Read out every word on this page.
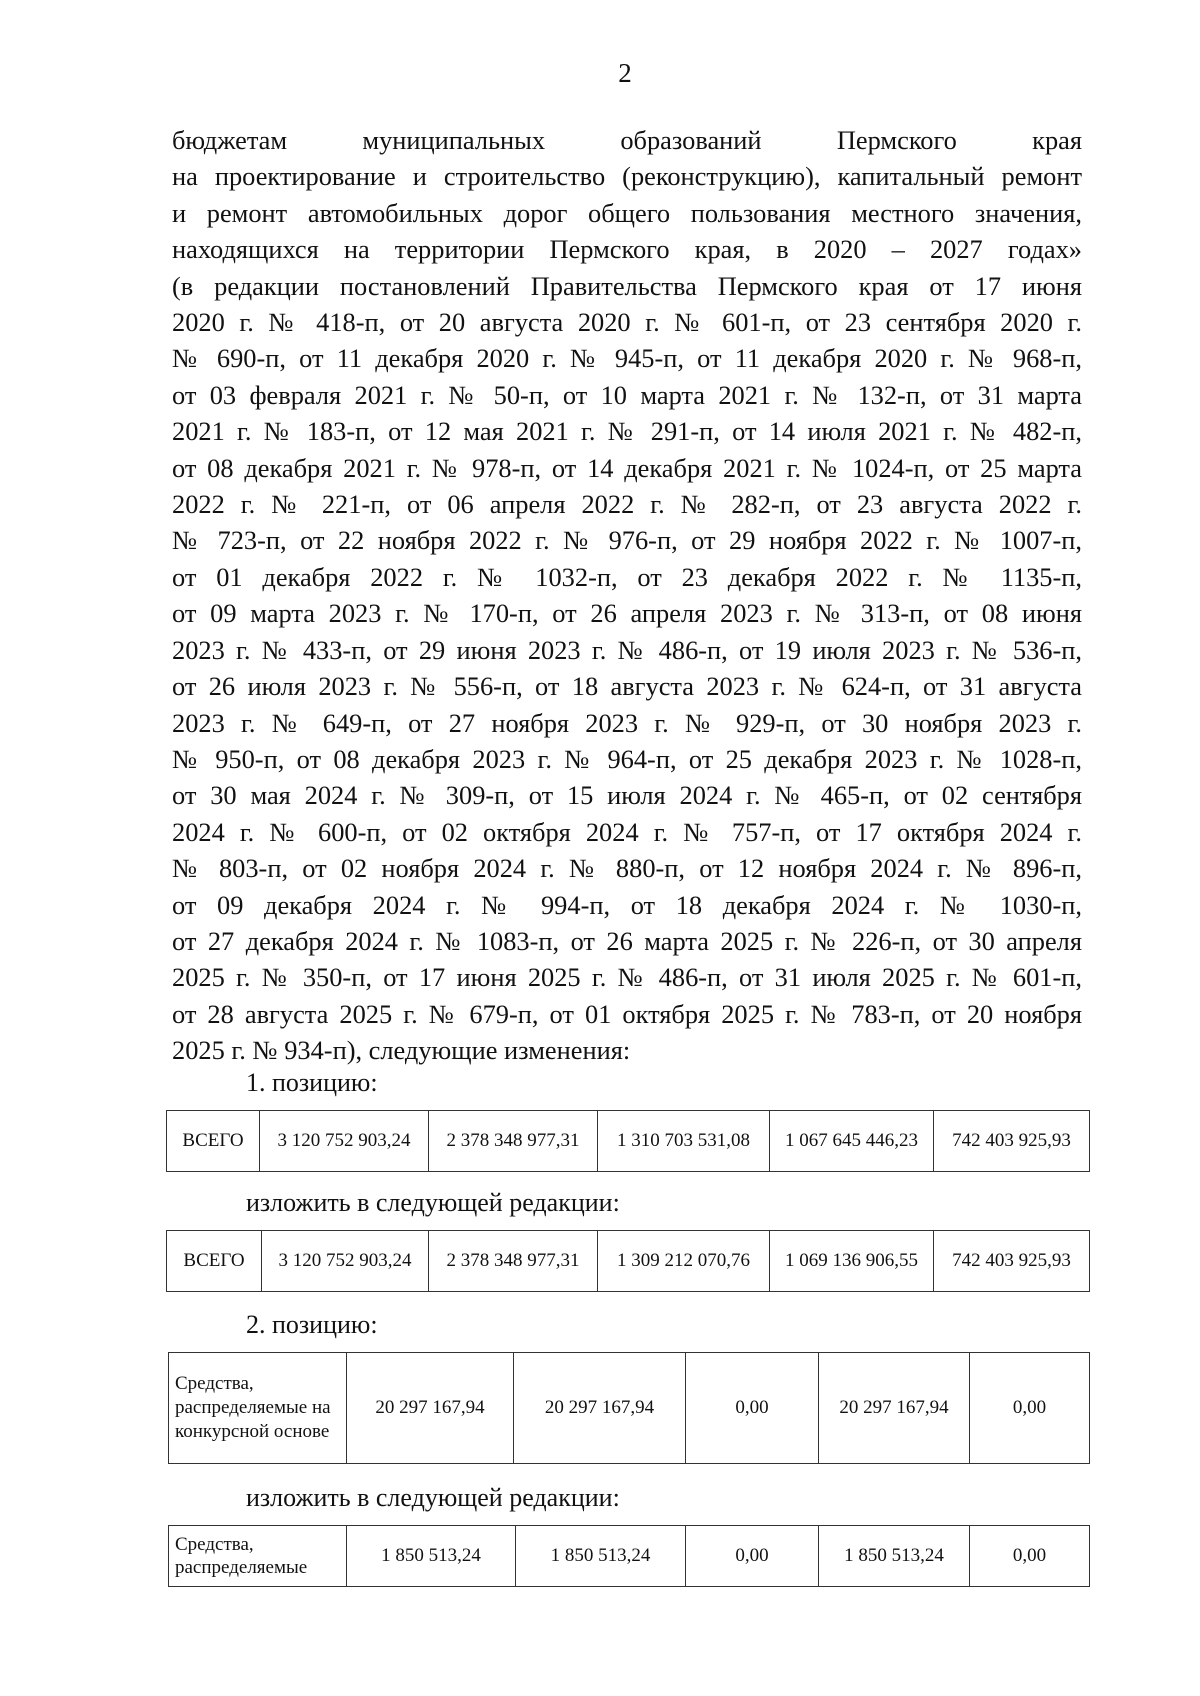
2
бюджетам муниципальных образований Пермского края
на проектирование и строительство (реконструкцию), капитальный ремонт
и ремонт автомобильных дорог общего пользования местного значения,
находящихся на территории Пермского края, в 2020 – 2027 годах»
(в редакции постановлений Правительства Пермского края от 17 июня
2020 г. № 418-п, от 20 августа 2020 г. № 601-п, от 23 сентября 2020 г.
№ 690-п, от 11 декабря 2020 г. № 945-п, от 11 декабря 2020 г. № 968-п,
от 03 февраля 2021 г. № 50-п, от 10 марта 2021 г. № 132-п, от 31 марта
2021 г. № 183-п, от 12 мая 2021 г. № 291-п, от 14 июля 2021 г. № 482-п,
от 08 декабря 2021 г. № 978-п, от 14 декабря 2021 г. № 1024-п, от 25 марта
2022 г. № 221-п, от 06 апреля 2022 г. № 282-п, от 23 августа 2022 г.
№ 723-п, от 22 ноября 2022 г. № 976-п, от 29 ноября 2022 г. № 1007-п,
от 01 декабря 2022 г. № 1032-п, от 23 декабря 2022 г. № 1135-п,
от 09 марта 2023 г. № 170-п, от 26 апреля 2023 г. № 313-п, от 08 июня
2023 г. № 433-п, от 29 июня 2023 г. № 486-п, от 19 июля 2023 г. № 536-п,
от 26 июля 2023 г. № 556-п, от 18 августа 2023 г. № 624-п, от 31 августа
2023 г. № 649-п, от 27 ноября 2023 г. № 929-п, от 30 ноября 2023 г.
№ 950-п, от 08 декабря 2023 г. № 964-п, от 25 декабря 2023 г. № 1028-п,
от 30 мая 2024 г. № 309-п, от 15 июля 2024 г. № 465-п, от 02 сентября
2024 г. № 600-п, от 02 октября 2024 г. № 757-п, от 17 октября 2024 г.
№ 803-п, от 02 ноября 2024 г. № 880-п, от 12 ноября 2024 г. № 896-п,
от 09 декабря 2024 г. № 994-п, от 18 декабря 2024 г. № 1030-п,
от 27 декабря 2024 г. № 1083-п, от 26 марта 2025 г. № 226-п, от 30 апреля
2025 г. № 350-п, от 17 июня 2025 г. № 486-п, от 31 июля 2025 г. № 601-п,
от 28 августа 2025 г. № 679-п, от 01 октября 2025 г. № 783-п, от 20 ноября
2025 г. № 934-п), следующие изменения:
1. позицию:
ВСЕГО	3 120 752 903,24	2 378 348 977,31	1 310 703 531,08	1 067 645 446,23	742 403 925,93
изложить в следующей редакции:
ВСЕГО	3 120 752 903,24	2 378 348 977,31	1 309 212 070,76	1 069 136 906,55	742 403 925,93
2. позицию:
Средства, распределяемые на конкурсной основе	20 297 167,94	20 297 167,94	0,00	20 297 167,94	0,00
изложить в следующей редакции:
Средства, распределяемые	1 850 513,24	1 850 513,24	0,00	1 850 513,24	0,00
